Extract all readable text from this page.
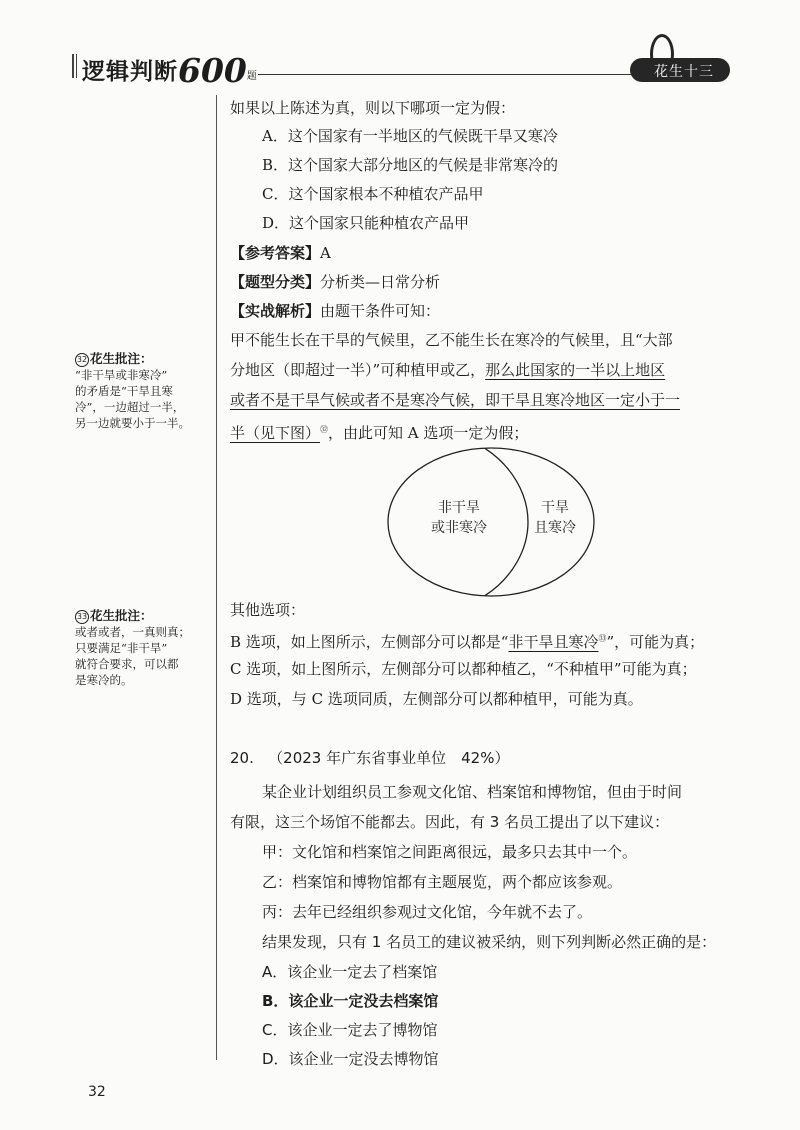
逻辑判断600题	花生十三
如果以上陈述为真，则以下哪项一定为假：
A．这个国家有一半地区的气候既干旱又寒冷
B．这个国家大部分地区的气候是非常寒冷的
C．这个国家根本不种植农产品甲
D．这个国家只能种植农产品甲
【参考答案】A
【题型分类】分析类—日常分析
【实战解析】由题干条件可知：
甲不能生长在干旱的气候里，乙不能生长在寒冷的气候里，且“大部
分地区（即超过一半）”可种植甲或乙，那么此国家的一半以上地区
或者不是干旱气候或者不是寒冷气候，即干旱且寒冷地区一定小于一
半（见下图）$^㉜$，由此可知 A 选项一定为假；
非干旱
或非寒冷
干旱
且寒冷
其他选项：
B 选项，如上图所示，左侧部分可以都是“非干旱且寒冷$^㉝$”，可能为真；
C 选项，如上图所示，左侧部分可以都种植乙，“不种植甲”可能为真；
D 选项，与 C 选项同质，左侧部分可以都种植甲，可能为真。
32 花生批注：
“非干旱或非寒冷”
的矛盾是“干旱且寒
冷”，一边超过一半，
另一边就要小于一半。
33 花生批注：
或者或者，一真则真；
只要满足“非干旱”
就符合要求，可以都
是寒冷的。
20. （2023 年广东省事业单位　42%）
某企业计划组织员工参观文化馆、档案馆和博物馆，但由于时间
有限，这三个场馆不能都去。因此，有 3 名员工提出了以下建议：
甲：文化馆和档案馆之间距离很远，最多只去其中一个。
乙：档案馆和博物馆都有主题展览，两个都应该参观。
丙：去年已经组织参观过文化馆，今年就不去了。
结果发现，只有 1 名员工的建议被采纳，则下列判断必然正确的是：
A．该企业一定去了档案馆
B．该企业一定没去档案馆
C．该企业一定去了博物馆
D．该企业一定没去博物馆
32
